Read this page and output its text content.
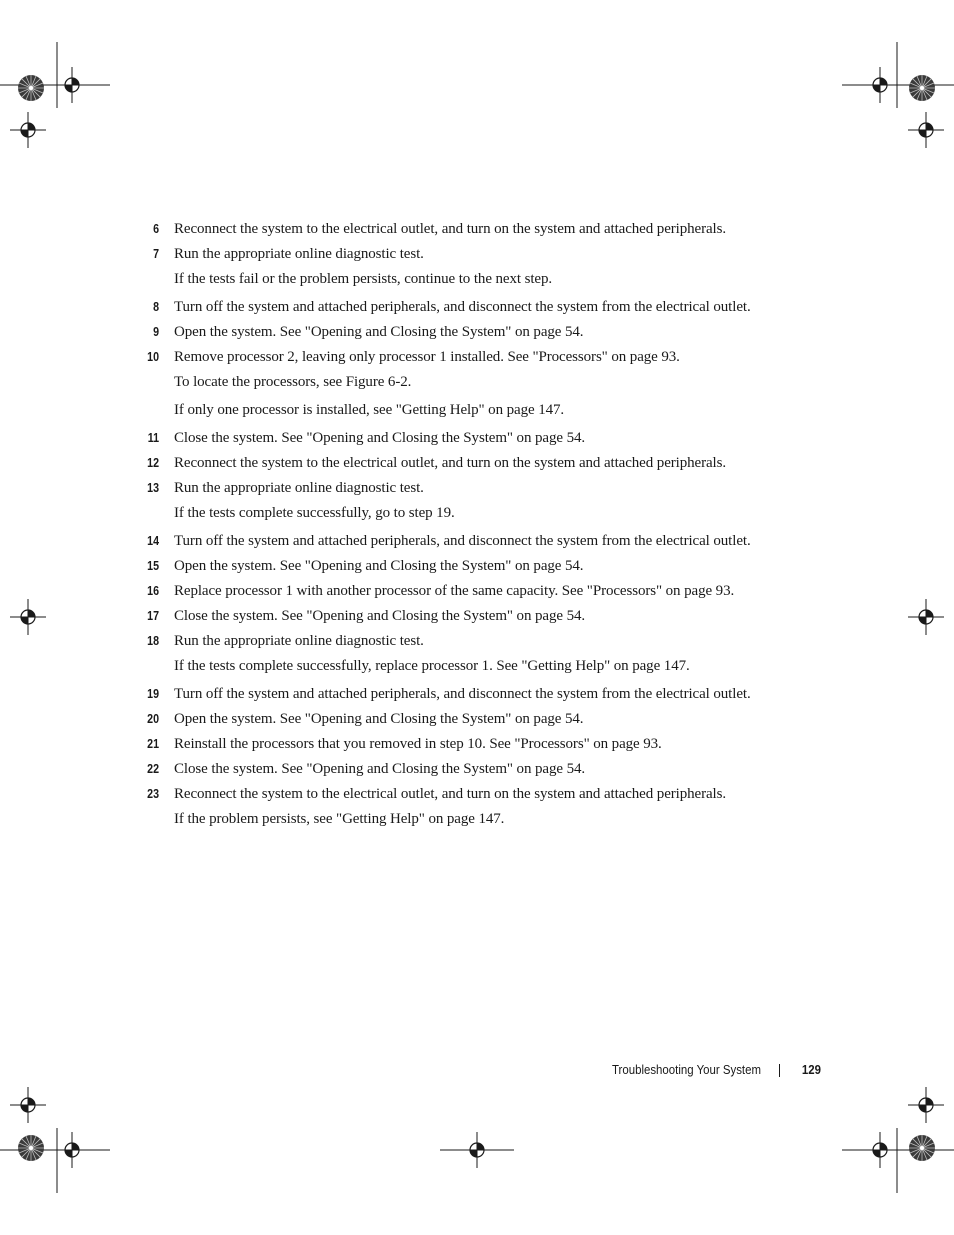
6 Reconnect the system to the electrical outlet, and turn on the system and attached peripherals.
7 Run the appropriate online diagnostic test.
If the tests fail or the problem persists, continue to the next step.
8 Turn off the system and attached peripherals, and disconnect the system from the electrical outlet.
9 Open the system. See "Opening and Closing the System" on page 54.
10 Remove processor 2, leaving only processor 1 installed. See "Processors" on page 93.
To locate the processors, see Figure 6-2.
If only one processor is installed, see "Getting Help" on page 147.
11 Close the system. See "Opening and Closing the System" on page 54.
12 Reconnect the system to the electrical outlet, and turn on the system and attached peripherals.
13 Run the appropriate online diagnostic test.
If the tests complete successfully, go to step 19.
14 Turn off the system and attached peripherals, and disconnect the system from the electrical outlet.
15 Open the system. See "Opening and Closing the System" on page 54.
16 Replace processor 1 with another processor of the same capacity. See "Processors" on page 93.
17 Close the system. See "Opening and Closing the System" on page 54.
18 Run the appropriate online diagnostic test.
If the tests complete successfully, replace processor 1. See "Getting Help" on page 147.
19 Turn off the system and attached peripherals, and disconnect the system from the electrical outlet.
20 Open the system. See "Opening and Closing the System" on page 54.
21 Reinstall the processors that you removed in step 10. See "Processors" on page 93.
22 Close the system. See "Opening and Closing the System" on page 54.
23 Reconnect the system to the electrical outlet, and turn on the system and attached peripherals.
If the problem persists, see "Getting Help" on page 147.
Troubleshooting Your System	129
